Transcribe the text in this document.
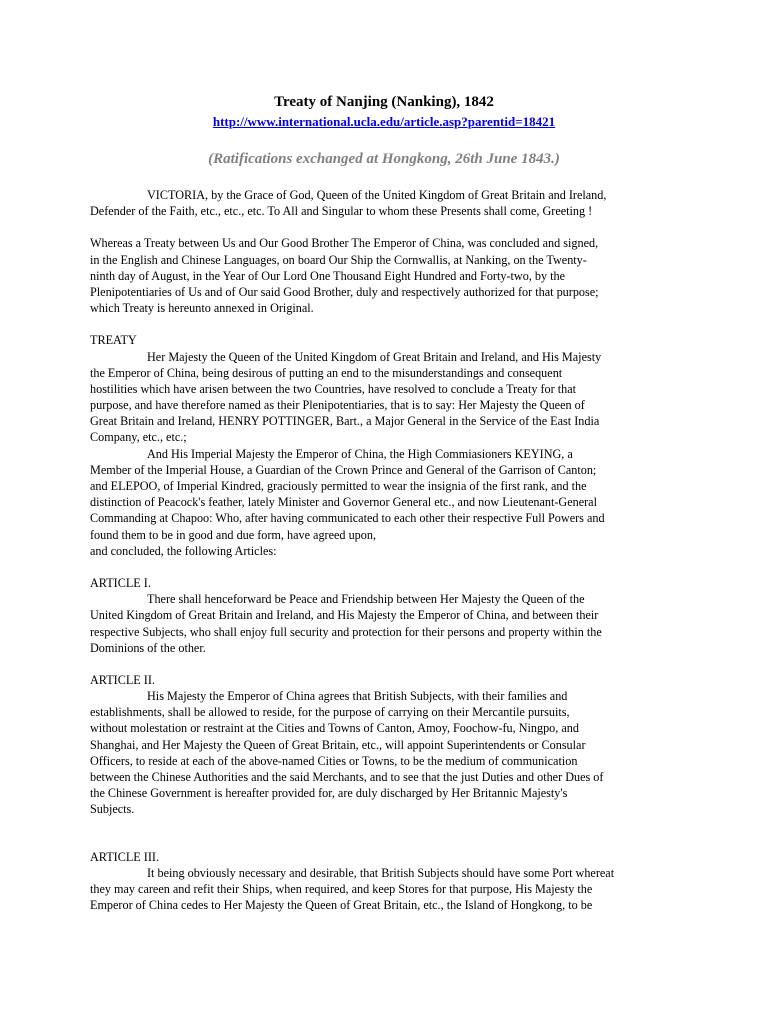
Treaty of Nanjing (Nanking), 1842
http://www.international.ucla.edu/article.asp?parentid=18421
(Ratifications exchanged at Hongkong, 26th June 1843.)
VICTORIA, by the Grace of God, Queen of the United Kingdom of Great Britain and Ireland,
Defender of the Faith, etc., etc., etc. To All and Singular to whom these Presents shall come, Greeting !
Whereas a Treaty between Us and Our Good Brother The Emperor of China, was concluded and signed,
in the English and Chinese Languages, on board Our Ship the Cornwallis, at Nanking, on the Twenty-
ninth day of August, in the Year of Our Lord One Thousand Eight Hundred and Forty-two, by the
Plenipotentiaries of Us and of Our said Good Brother, duly and respectively authorized for that purpose;
which Treaty is hereunto annexed in Original.
TREATY
Her Majesty the Queen of the United Kingdom of Great Britain and Ireland, and His Majesty
the Emperor of China, being desirous of putting an end to the misunderstandings and consequent
hostilities which have arisen between the two Countries, have resolved to conclude a Treaty for that
purpose, and have therefore named as their Plenipotentiaries, that is to say: Her Majesty the Queen of
Great Britain and Ireland, HENRY POTTINGER, Bart., a Major General in the Service of the East India
Company, etc., etc.;
And His Imperial Majesty the Emperor of China, the High Commiasioners KEYING, a
Member of the Imperial House, a Guardian of the Crown Prince and General of the Garrison of Canton;
and ELEPOO, of Imperial Kindred, graciously permitted to wear the insignia of the first rank, and the
distinction of Peacock's feather, lately Minister and Governor General etc., and now Lieutenant-General
Commanding at Chapoo: Who, after having communicated to each other their respective Full Powers and
found them to be in good and due form, have agreed upon,
and concluded, the following Articles:
ARTICLE I.
There shall henceforward be Peace and Friendship between Her Majesty the Queen of the
United Kingdom of Great Britain and Ireland, and His Majesty the Emperor of China, and between their
respective Subjects, who shall enjoy full security and protection for their persons and property within the
Dominions of the other.
ARTICLE II.
His Majesty the Emperor of China agrees that British Subjects, with their families and
establishments, shall be allowed to reside, for the purpose of carrying on their Mercantile pursuits,
without molestation or restraint at the Cities and Towns of Canton, Amoy, Foochow-fu, Ningpo, and
Shanghai, and Her Majesty the Queen of Great Britain, etc., will appoint Superintendents or Consular
Officers, to reside at each of the above-named Cities or Towns, to be the medium of communication
between the Chinese Authorities and the said Merchants, and to see that the just Duties and other Dues of
the Chinese Government is hereafter provided for, are duly discharged by Her Britannic Majesty's
Subjects.
ARTICLE III.
It being obviously necessary and desirable, that British Subjects should have some Port whereat
they may careen and refit their Ships, when required, and keep Stores for that purpose, His Majesty the
Emperor of China cedes to Her Majesty the Queen of Great Britain, etc., the Island of Hongkong, to be
